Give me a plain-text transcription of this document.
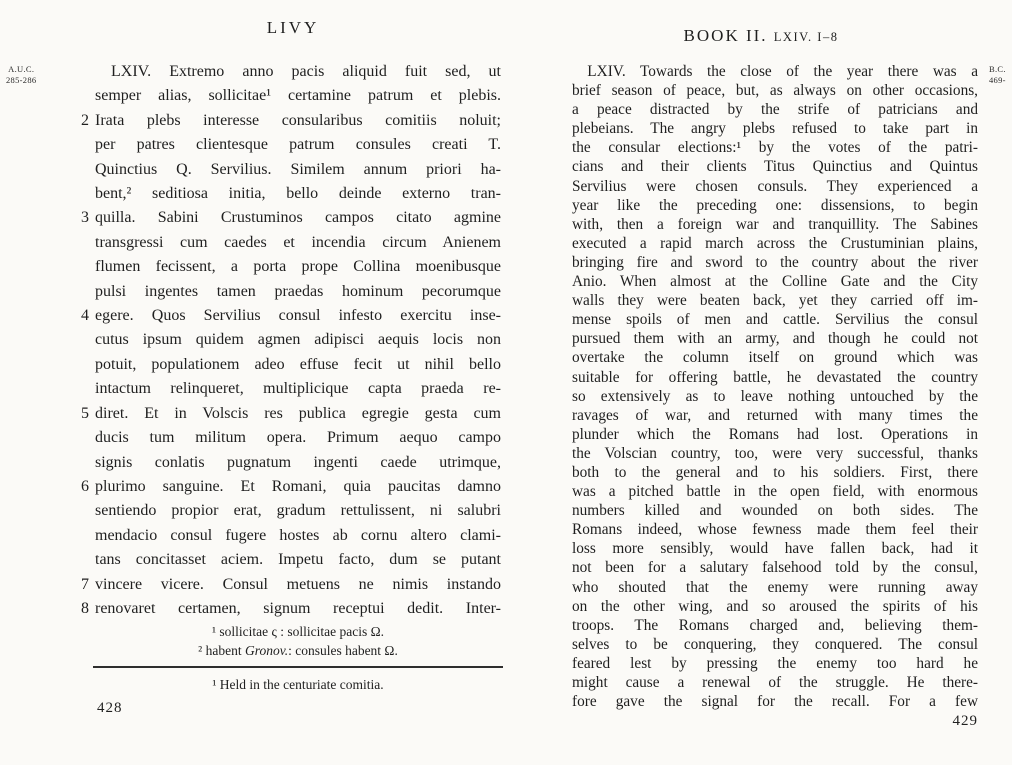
LIVY
A.U.C.
285-286	 LXIV. Extremo anno pacis aliquid fuit sed, ut
semper alias, sollicitae¹ certamine patrum et plebis.
2 Irata plebs interesse consularibus comitiis noluit;
per patres clientesque patrum consules creati T.
Quinctius Q. Servilius. Similem annum priori ha-
bent,² seditiosa initia, bello deinde externo tran-
3 quilla. Sabini Crustuminos campos citato agmine
transgressi cum caedes et incendia circum Anienem
flumen fecissent, a porta prope Collina moenibusque
pulsi ingentes tamen praedas hominum pecorumque
4 egere. Quos Servilius consul infesto exercitu inse-
cutus ipsum quidem agmen adipisci aequis locis non
potuit, populationem adeo effuse fecit ut nihil bello
intactum relinqueret, multiplicique capta praeda re-
5 diret. Et in Volscis res publica egregie gesta cum
ducis tum militum opera. Primum aequo campo
signis conlatis pugnatum ingenti caede utrimque,
6 plurimo sanguine. Et Romani, quia paucitas damno
sentiendo propior erat, gradum rettulissent, ni salubri
mendacio consul fugere hostes ab cornu altero clami-
tans concitasset aciem. Impetu facto, dum se putant
7 vincere vicere. Consul metuens ne nimis instando
8 renovaret certamen, signum receptui dedit. Inter-
¹ sollicitae ς : sollicitae pacis Ω.
² habent Gronov.: consules habent Ω.
¹ Held in the centuriate comitia.
428
BOOK II. LXIV. I–8
B.C.
469-
 LXIV. Towards the close of the year there was a
brief season of peace, but, as always on other occasions,
a peace distracted by the strife of patricians and
plebeians. The angry plebs refused to take part in
the consular elections:¹ by the votes of the patri-
cians and their clients Titus Quinctius and Quintus
Servilius were chosen consuls. They experienced a
year like the preceding one: dissensions, to begin
with, then a foreign war and tranquillity. The Sabines
executed a rapid march across the Crustuminian plains,
bringing fire and sword to the country about the river
Anio. When almost at the Colline Gate and the City
walls they were beaten back, yet they carried off im-
mense spoils of men and cattle. Servilius the consul
pursued them with an army, and though he could not
overtake the column itself on ground which was
suitable for offering battle, he devastated the country
so extensively as to leave nothing untouched by the
ravages of war, and returned with many times the
plunder which the Romans had lost. Operations in
the Volscian country, too, were very successful, thanks
both to the general and to his soldiers. First, there
was a pitched battle in the open field, with enormous
numbers killed and wounded on both sides. The
Romans indeed, whose fewness made them feel their
loss more sensibly, would have fallen back, had it
not been for a salutary falsehood told by the consul,
who shouted that the enemy were running away
on the other wing, and so aroused the spirits of his
troops. The Romans charged and, believing them-
selves to be conquering, they conquered. The consul
feared lest by pressing the enemy too hard he
might cause a renewal of the struggle. He there-
fore gave the signal for the recall. For a few
429
